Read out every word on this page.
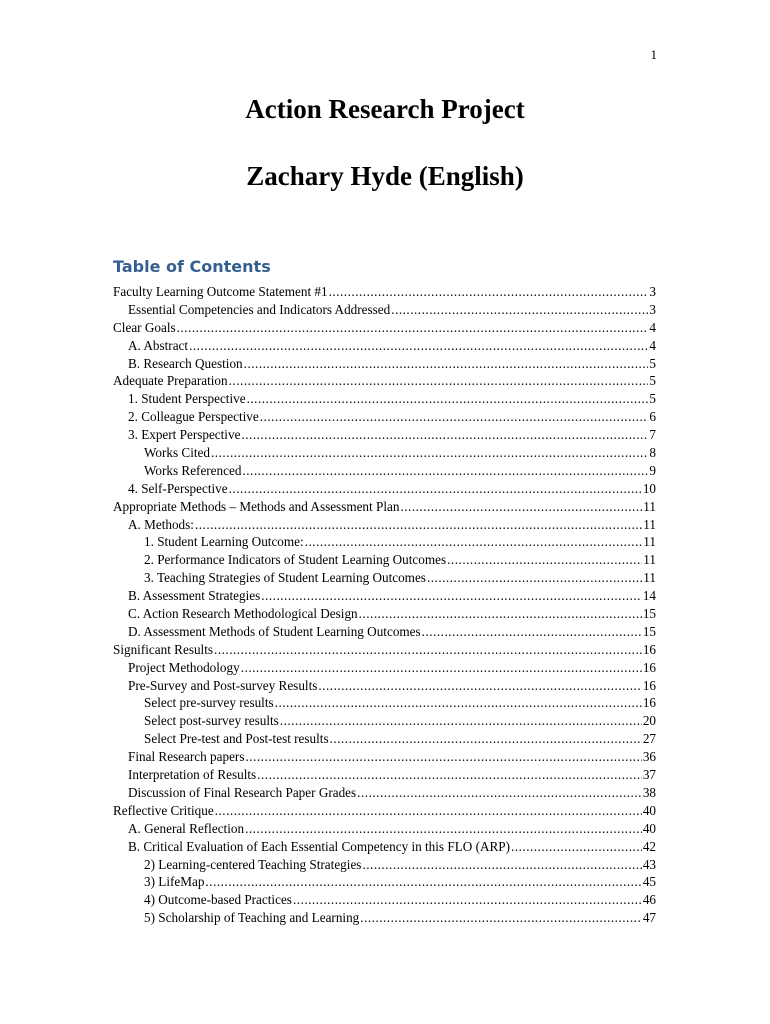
1
Action Research Project
Zachary Hyde (English)
Table of Contents
Faculty Learning Outcome Statement #1 .....	3
Essential Competencies and Indicators Addressed .....	3
Clear Goals .....	4
A. Abstract .....	4
B. Research Question .....	5
Adequate Preparation .....	5
1. Student Perspective .....	5
2. Colleague Perspective .....	6
3. Expert Perspective .....	7
Works Cited .....	8
Works Referenced .....	9
4. Self-Perspective .....	10
Appropriate Methods – Methods and Assessment Plan .....	11
A. Methods: .....	11
1. Student Learning Outcome: .....	11
2. Performance Indicators of Student Learning Outcomes .....	11
3. Teaching Strategies of Student Learning Outcomes .....	11
B. Assessment Strategies .....	14
C. Action Research Methodological Design .....	15
D. Assessment Methods of Student Learning Outcomes .....	15
Significant Results .....	16
Project Methodology .....	16
Pre-Survey and Post-survey Results .....	16
Select pre-survey results .....	16
Select post-survey results .....	20
Select Pre-test and Post-test results .....	27
Final Research papers .....	36
Interpretation of Results .....	37
Discussion of Final Research Paper Grades .....	38
Reflective Critique .....	40
A. General Reflection .....	40
B. Critical Evaluation of Each Essential Competency in this FLO (ARP) .....	42
2) Learning-centered Teaching Strategies .....	43
3) LifeMap .....	45
4) Outcome-based Practices .....	46
5) Scholarship of Teaching and Learning .....	47
